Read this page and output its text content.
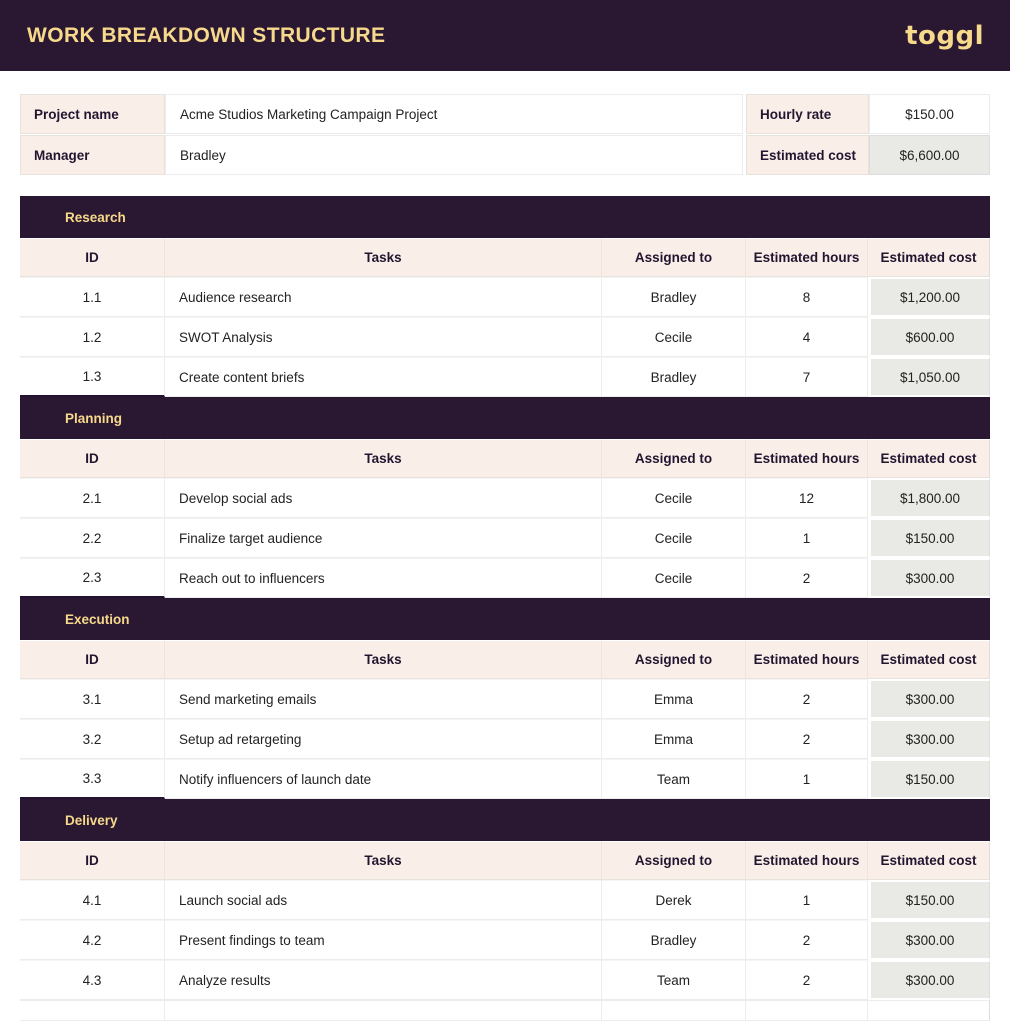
WORK BREAKDOWN STRUCTURE	toggl
Project name	Acme Studios Marketing Campaign Project
Manager	Bradley
Hourly rate	$150.00
Estimated cost	$6,600.00
Research
ID	Tasks	Assigned to	Estimated hours	Estimated cost
1.1	Audience research	Bradley	8	$1,200.00
1.2	SWOT Analysis	Cecile	4	$600.00
1.3	Create content briefs	Bradley	7	$1,050.00
Planning
ID	Tasks	Assigned to	Estimated hours	Estimated cost
2.1	Develop social ads	Cecile	12	$1,800.00
2.2	Finalize target audience	Cecile	1	$150.00
2.3	Reach out to influencers	Cecile	2	$300.00
Execution
ID	Tasks	Assigned to	Estimated hours	Estimated cost
3.1	Send marketing emails	Emma	2	$300.00
3.2	Setup ad retargeting	Emma	2	$300.00
3.3	Notify influencers of launch date	Team	1	$150.00
Delivery
ID	Tasks	Assigned to	Estimated hours	Estimated cost
4.1	Launch social ads	Derek	1	$150.00
4.2	Present findings to team	Bradley	2	$300.00
4.3	Analyze results	Team	2	$300.00
